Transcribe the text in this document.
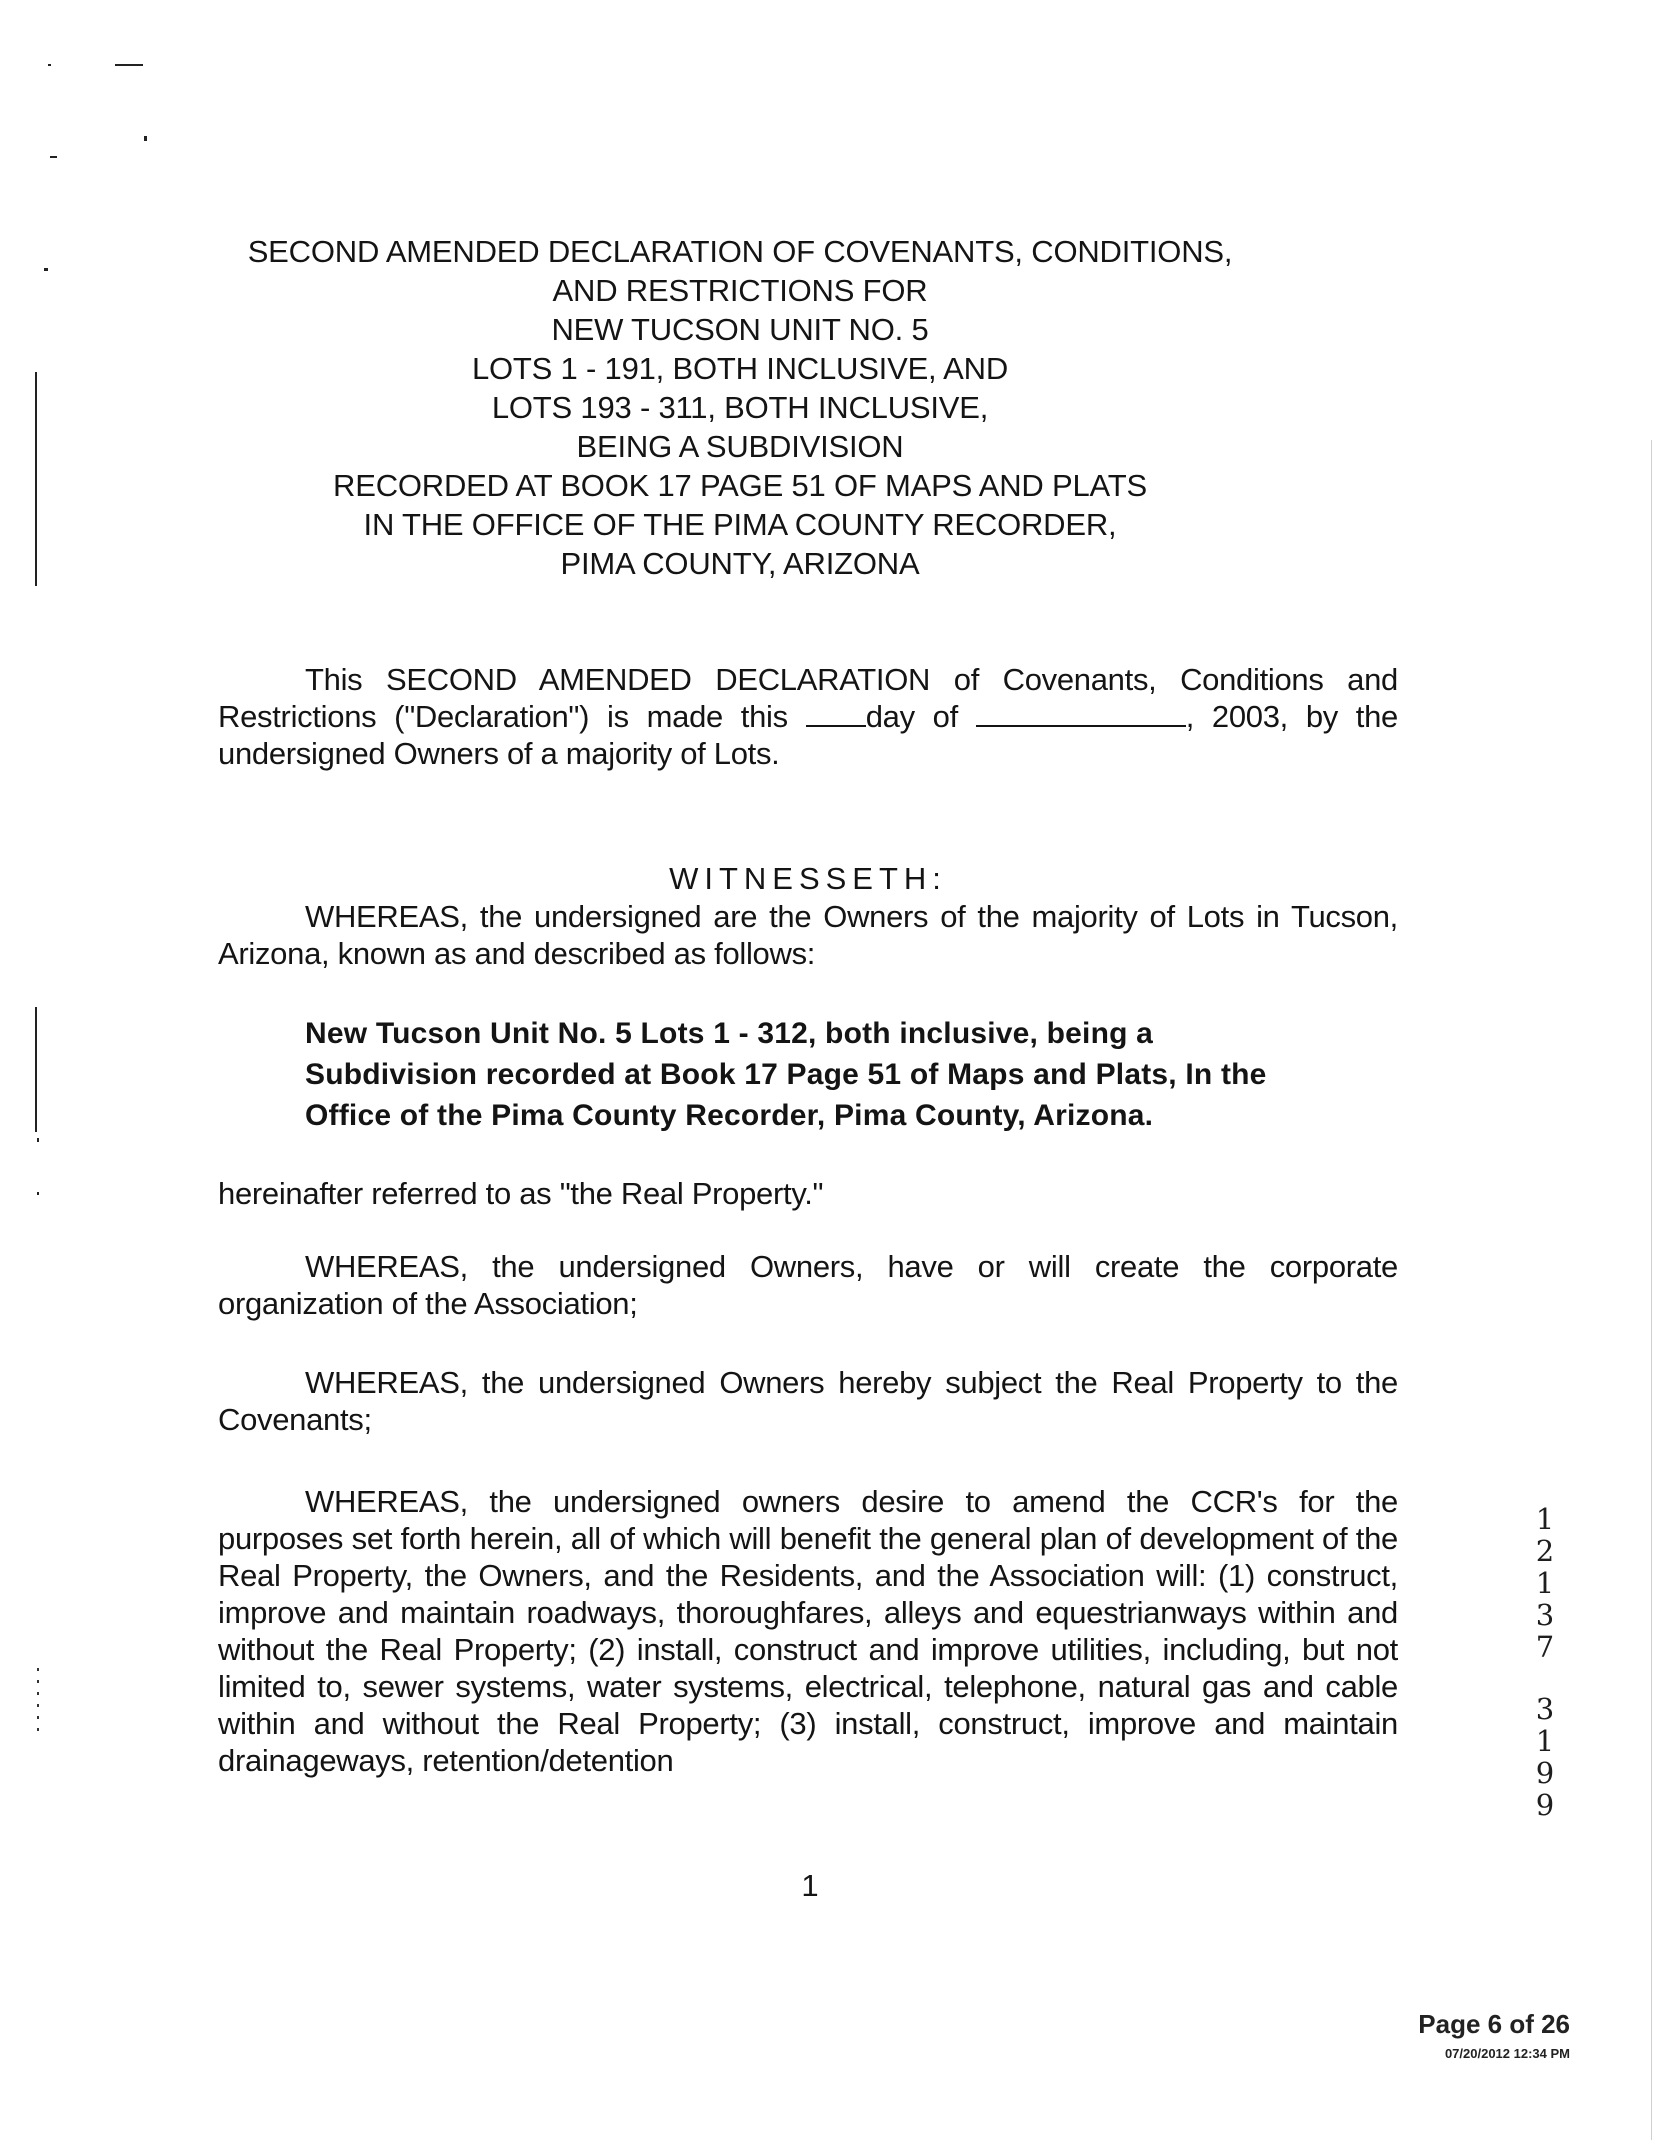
SECOND AMENDED DECLARATION OF COVENANTS, CONDITIONS,
AND RESTRICTIONS FOR
NEW TUCSON UNIT NO. 5
LOTS 1 - 191, BOTH INCLUSIVE, AND
LOTS 193 - 311, BOTH INCLUSIVE,
BEING A SUBDIVISION
RECORDED AT BOOK 17 PAGE 51 OF MAPS AND PLATS
IN THE OFFICE OF THE PIMA COUNTY RECORDER,
PIMA COUNTY, ARIZONA
This SECOND AMENDED DECLARATION of Covenants, Conditions and Restrictions ("Declaration") is made this day of	, 2003, by the undersigned Owners of a majority of Lots.
WITNESSETH:
WHEREAS, the undersigned are the Owners of the majority of Lots in Tucson, Arizona, known as and described as follows:
New Tucson Unit No. 5 Lots 1 - 312, both inclusive, being a Subdivision recorded at Book 17 Page 51 of Maps and Plats, In the Office of the Pima County Recorder, Pima County, Arizona.
hereinafter referred to as "the Real Property."
WHEREAS, the undersigned Owners, have or will create the corporate organization of the Association;
WHEREAS, the undersigned Owners hereby subject the Real Property to the Covenants;
WHEREAS, the undersigned owners desire to amend the CCR's for the purposes set forth herein, all of which will benefit the general plan of development of the Real Property, the Owners, and the Residents, and the Association will: (1) construct, improve and maintain roadways, thoroughfares, alleys and equestrianways within and without the Real Property; (2) install, construct and improve utilities, including, but not limited to, sewer systems, water systems, electrical, telephone, natural gas and cable within and without the Real Property; (3) install, construct, improve and maintain drainageways, retention/detention
1
1
2
1
3
7
3
1
9
9
Page 6 of 26
07/20/2012 12:34 PM
